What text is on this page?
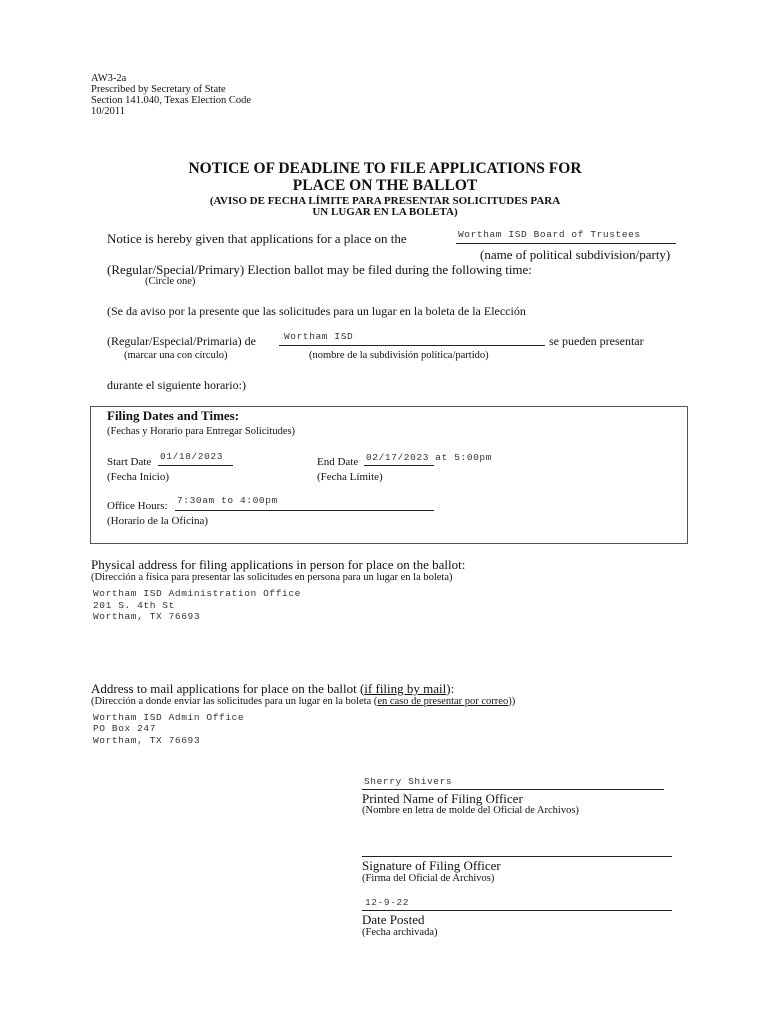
AW3-2a
Prescribed by Secretary of State
Section 141.040, Texas Election Code
10/2011
NOTICE OF DEADLINE TO FILE APPLICATIONS FOR
PLACE ON THE BALLOT
(AVISO DE FECHA LÍMITE PARA PRESENTAR SOLICITUDES PARA
UN LUGAR EN LA BOLETA)
Notice is hereby given that applications for a place on the	Wortham ISD Board of Trustees
(name of political subdivision/party)
(Regular/Special/Primary) Election ballot may be filed during the following time:
(Circle one)
(Se da aviso por la presente que las solicitudes para un lugar en la boleta de la Elección
(Regular/Especial/Primaria) de	Wortham ISD	se pueden presentar
(marcar una con círculo)	(nombre de la subdivisión política/partido)
durante el siguiente horario:)
Filing Dates and Times:
(Fechas y Horario para Entregar Solicitudes)
Start Date 01/18/2023
(Fecha Inicio)
End Date 02/17/2023 at 5:00pm
(Fecha Límite)
Office Hours: 7:30am to 4:00pm
(Horario de la Oficina)
Physical address for filing applications in person for place on the ballot:
(Dirección a física para presentar las solicitudes en persona para un lugar en la boleta)
Wortham ISD Administration Office
201 S. 4th St
Wortham, TX 76693
Address to mail applications for place on the ballot (if filing by mail):
(Dirección a donde enviar las solicitudes para un lugar en la boleta (en caso de presentar por correo))
Wortham ISD Admin Office
PO Box 247
Wortham, TX 76693
Sherry Shivers
Printed Name of Filing Officer
(Nombre en letra de molde del Oficial de Archivos)
Signature of Filing Officer
(Firma del Oficial de Archivos)
12-9-22
Date Posted
(Fecha archivada)
